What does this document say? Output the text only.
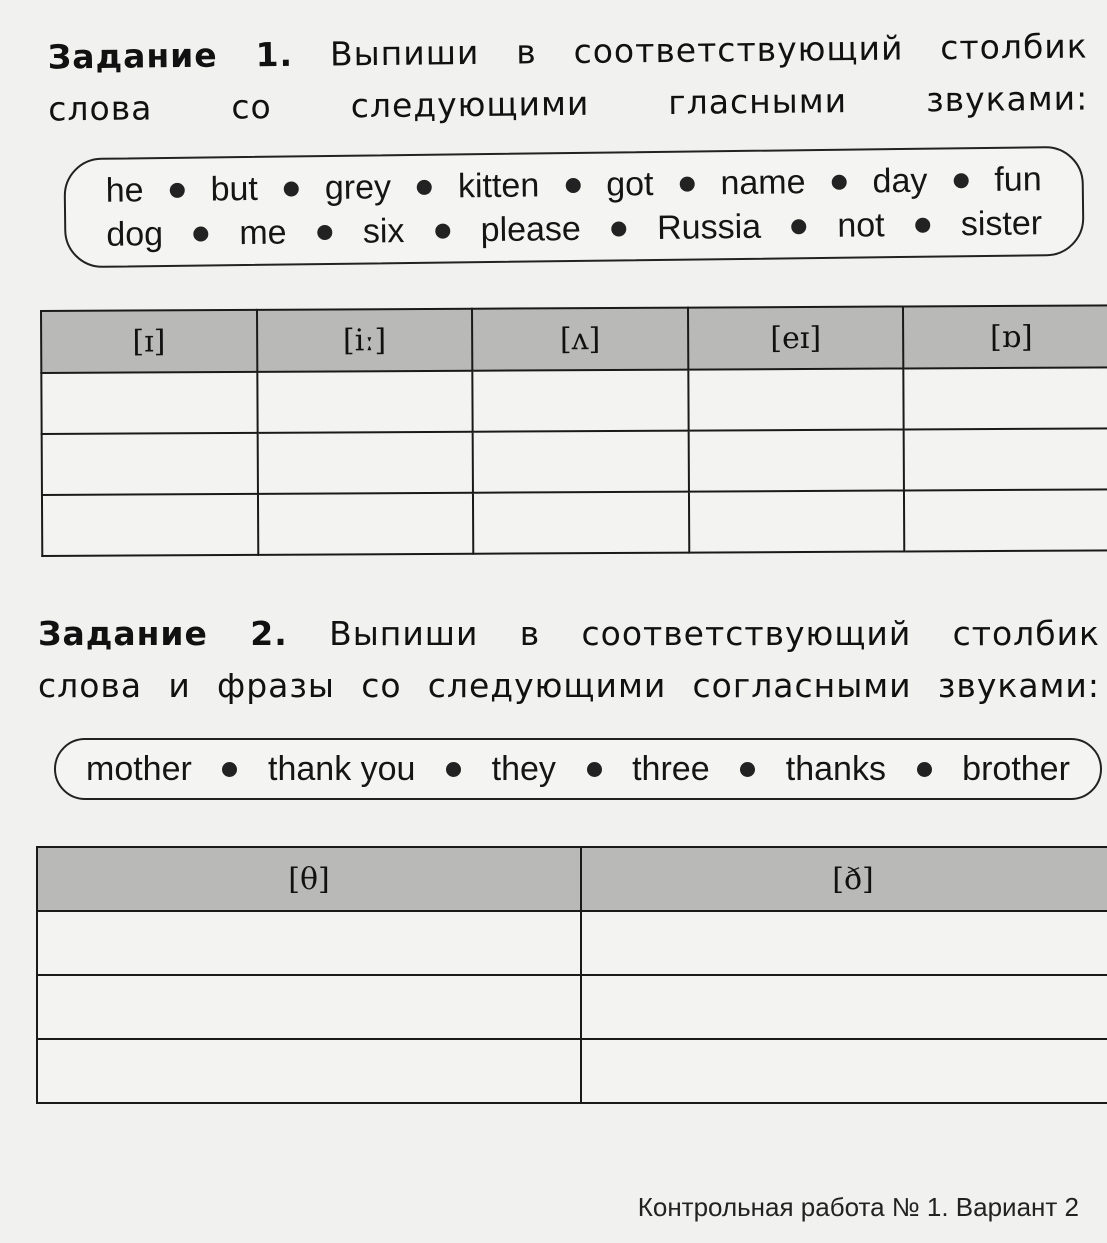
Задание 1. Выпиши в соответствующий столбик
слова со следующими гласными звуками:
he but grey kitten got name day fun
dog me six please Russia not sister
[ɪ]	[iː]	[ʌ]	[eɪ]	[ɒ]

Задание 2. Выпиши в соответствующий столбик
слова и фразы со следующими согласными звуками:
mother thank you they three thanks brother
[θ]	[ð]

Контрольная работа № 1. Вариант 2
